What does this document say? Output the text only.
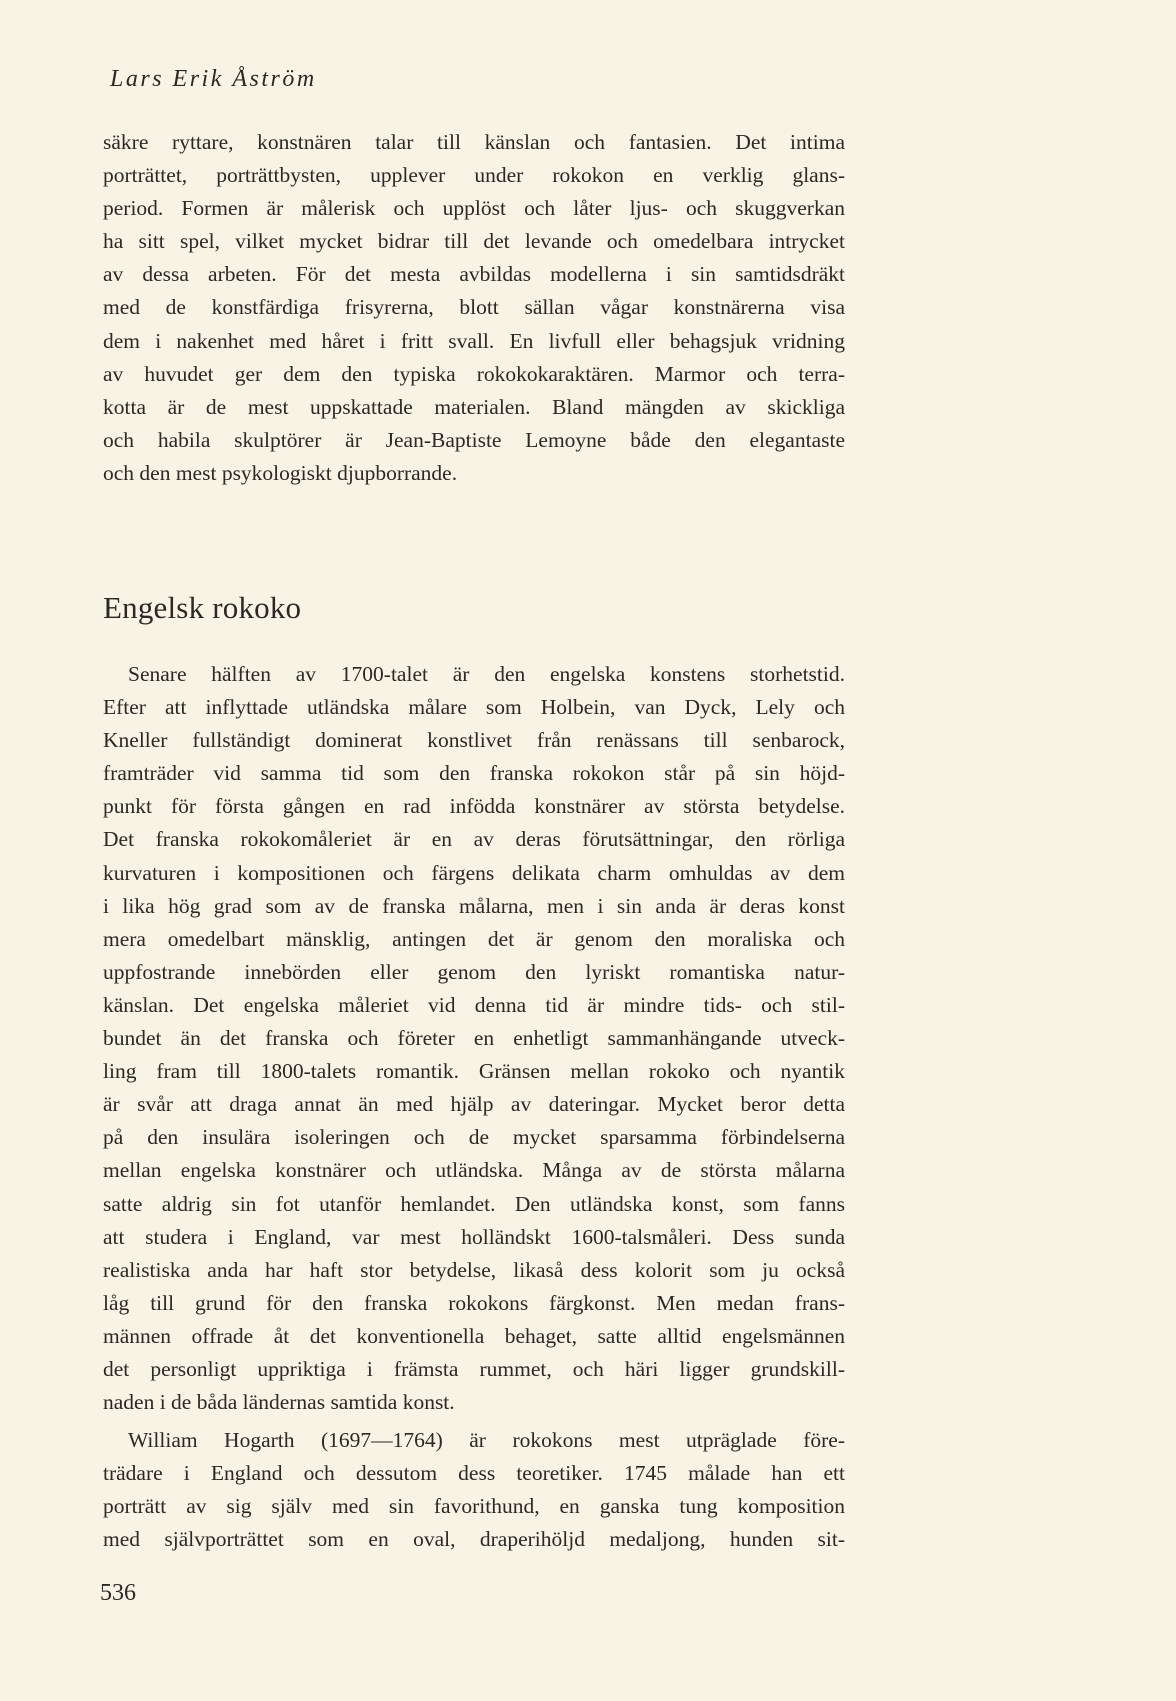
Lars Erik Åström
säkre ryttare, konstnären talar till känslan och fantasien. Det intima
porträttet, porträttbysten, upplever under rokokon en verklig glans-
period. Formen är målerisk och upplöst och låter ljus- och skuggverkan
ha sitt spel, vilket mycket bidrar till det levande och omedelbara intrycket
av dessa arbeten. För det mesta avbildas modellerna i sin samtidsdräkt
med de konstfärdiga frisyrerna, blott sällan vågar konstnärerna visa
dem i nakenhet med håret i fritt svall. En livfull eller behagsjuk vridning
av huvudet ger dem den typiska rokokokaraktären. Marmor och terra-
kotta är de mest uppskattade materialen. Bland mängden av skickliga
och habila skulptörer är Jean-Baptiste Lemoyne både den elegantaste
och den mest psykologiskt djupborrande.
Engelsk rokoko
Senare hälften av 1700-talet är den engelska konstens storhetstid.
Efter att inflyttade utländska målare som Holbein, van Dyck, Lely och
Kneller fullständigt dominerat konstlivet från renässans till senbarock,
framträder vid samma tid som den franska rokokon står på sin höjd-
punkt för första gången en rad infödda konstnärer av största betydelse.
Det franska rokokomåleriet är en av deras förutsättningar, den rörliga
kurvaturen i kompositionen och färgens delikata charm omhuldas av dem
i lika hög grad som av de franska målarna, men i sin anda är deras konst
mera omedelbart mänsklig, antingen det är genom den moraliska och
uppfostrande innebörden eller genom den lyriskt romantiska natur-
känslan. Det engelska måleriet vid denna tid är mindre tids- och stil-
bundet än det franska och företer en enhetligt sammanhängande utveck-
ling fram till 1800-talets romantik. Gränsen mellan rokoko och nyantik
är svår att draga annat än med hjälp av dateringar. Mycket beror detta
på den insulära isoleringen och de mycket sparsamma förbindelserna
mellan engelska konstnärer och utländska. Många av de största målarna
satte aldrig sin fot utanför hemlandet. Den utländska konst, som fanns
att studera i England, var mest holländskt 1600-talsmåleri. Dess sunda
realistiska anda har haft stor betydelse, likaså dess kolorit som ju också
låg till grund för den franska rokokons färgkonst. Men medan frans-
männen offrade åt det konventionella behaget, satte alltid engelsmännen
det personligt uppriktiga i främsta rummet, och häri ligger grundskill-
naden i de båda ländernas samtida konst.
William Hogarth (1697—1764) är rokokons mest utpräglade före-
trädare i England och dessutom dess teoretiker. 1745 målade han ett
porträtt av sig själv med sin favorithund, en ganska tung komposition
med självporträttet som en oval, draperihöljd medaljong, hunden sit-

536
